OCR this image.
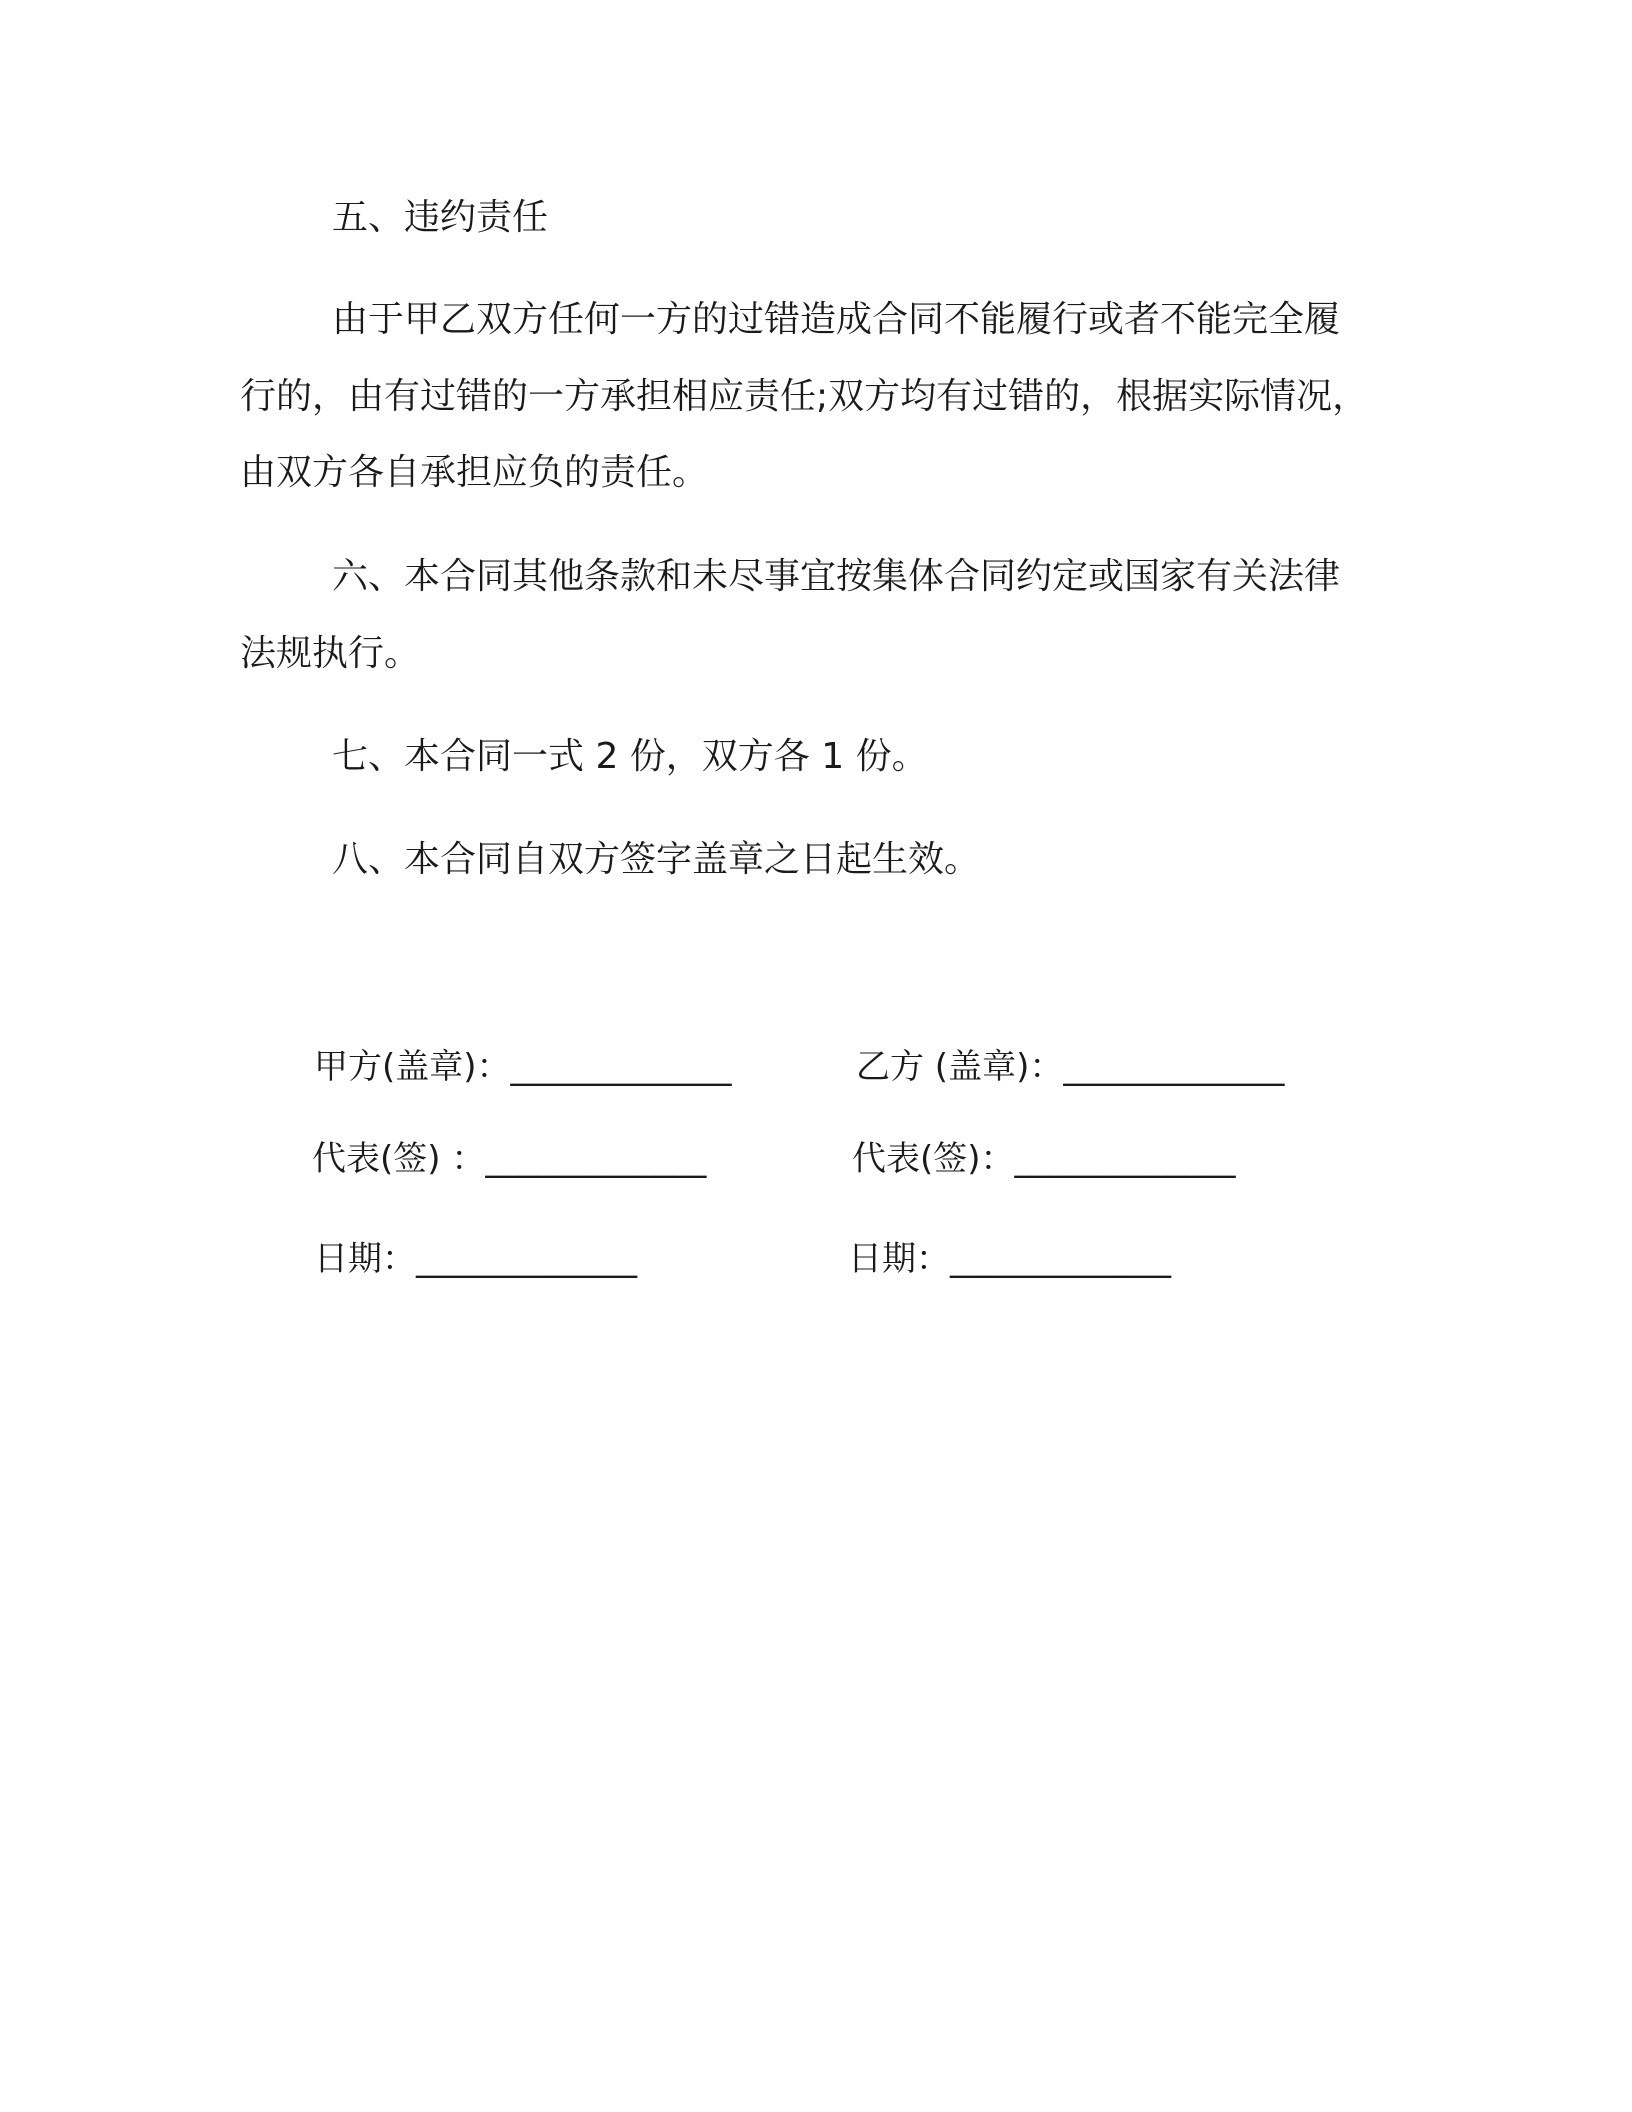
五、违约责任
由于甲乙双方任何一方的过错造成合同不能履行或者不能完全履
行的，由有过错的一方承担相应责任;双方均有过错的，根据实际情况，
由双方各自承担应负的责任。
六、本合同其他条款和未尽事宜按集体合同约定或国家有关法律
法规执行。
七、本合同一式 2 份，双方各 1 份。
八、本合同自双方签字盖章之日起生效。
甲方(盖章)：_____________	乙方 (盖章)：_____________
代表(签) ：_____________	代表(签)：_____________
日期：_____________	日期：_____________
